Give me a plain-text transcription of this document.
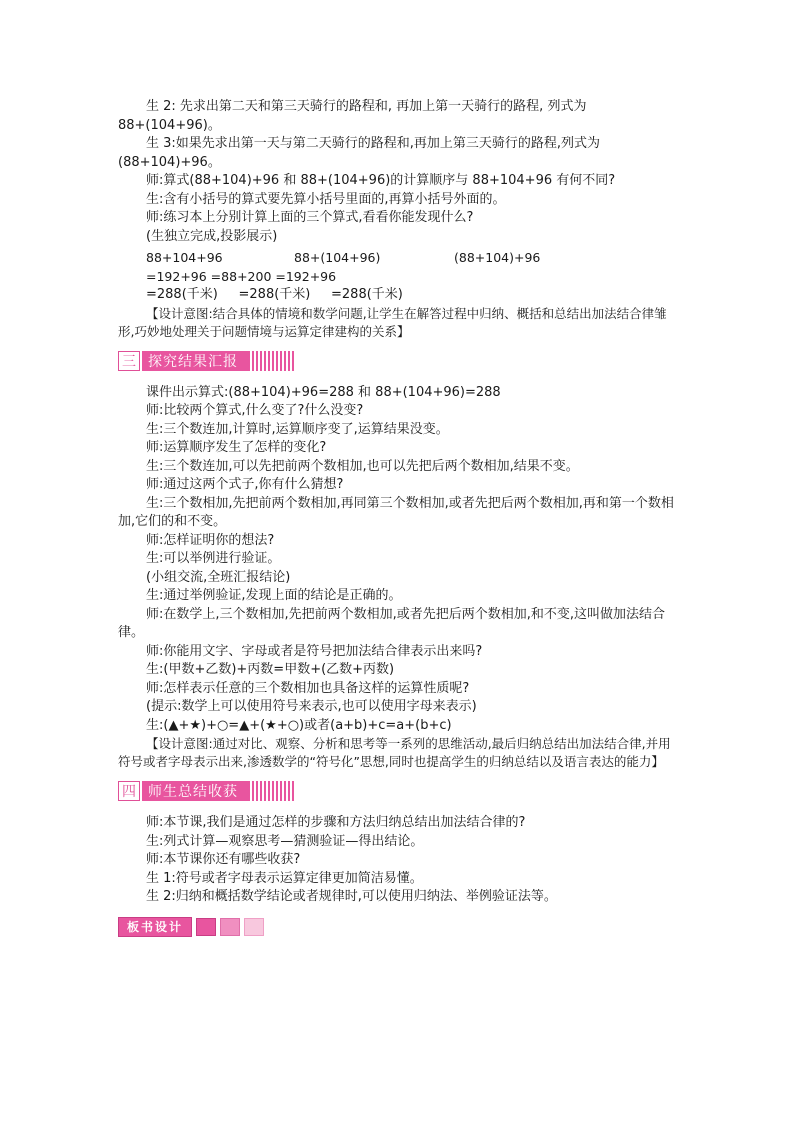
生 2: 先求出第二天和第三天骑行的路程和, 再加上第一天骑行的路程, 列式为

88+(104+96)。

生 3:如果先求出第一天与第二天骑行的路程和,再加上第三天骑行的路程,列式为

(88+104)+96。

师:算式(88+104)+96 和 88+(104+96)的计算顺序与 88+104+96 有何不同?

生:含有小括号的算式要先算小括号里面的,再算小括号外面的。

师:练习本上分别计算上面的三个算式,看看你能发现什么?

(生独立完成,投影展示)

88+104+96	88+(104+96)	(88+104)+96

=192+96 =88+200 =192+96

=288(千米)     =288(千米)     =288(千米)

【设计意图:结合具体的情境和数学问题,让学生在解答过程中归纳、概括和总结出加法结合律雏形,巧妙地处理关于问题情境与运算定律建构的关系】

三 探究结果汇报

课件出示算式:(88+104)+96=288 和 88+(104+96)=288

师:比较两个算式,什么变了?什么没变?

生:三个数连加,计算时,运算顺序变了,运算结果没变。

师:运算顺序发生了怎样的变化?

生:三个数连加,可以先把前两个数相加,也可以先把后两个数相加,结果不变。

师:通过这两个式子,你有什么猜想?

生:三个数相加,先把前两个数相加,再同第三个数相加,或者先把后两个数相加,再和第一个数相加,它们的和不变。

师:怎样证明你的想法?

生:可以举例进行验证。

(小组交流,全班汇报结论)

生:通过举例验证,发现上面的结论是正确的。

师:在数学上,三个数相加,先把前两个数相加,或者先把后两个数相加,和不变,这叫做加法结合律。

师:你能用文字、字母或者是符号把加法结合律表示出来吗?

生:(甲数+乙数)+丙数=甲数+(乙数+丙数)

师:怎样表示任意的三个数相加也具备这样的运算性质呢?

(提示:数学上可以使用符号来表示,也可以使用字母来表示)

生:(▲+★)+○=▲+(★+○)或者(a+b)+c=a+(b+c)

【设计意图:通过对比、观察、分析和思考等一系列的思维活动,最后归纳总结出加法结合律,并用符号或者字母表示出来,渗透数学的“符号化”思想,同时也提高学生的归纳总结以及语言表达的能力】

四 师生总结收获

师:本节课,我们是通过怎样的步骤和方法归纳总结出加法结合律的?

生:列式计算—观察思考—猜测验证—得出结论。

师:本节课你还有哪些收获?

生 1:符号或者字母表示运算定律更加简洁易懂。

生 2:归纳和概括数学结论或者规律时,可以使用归纳法、举例验证法等。

板书设计
